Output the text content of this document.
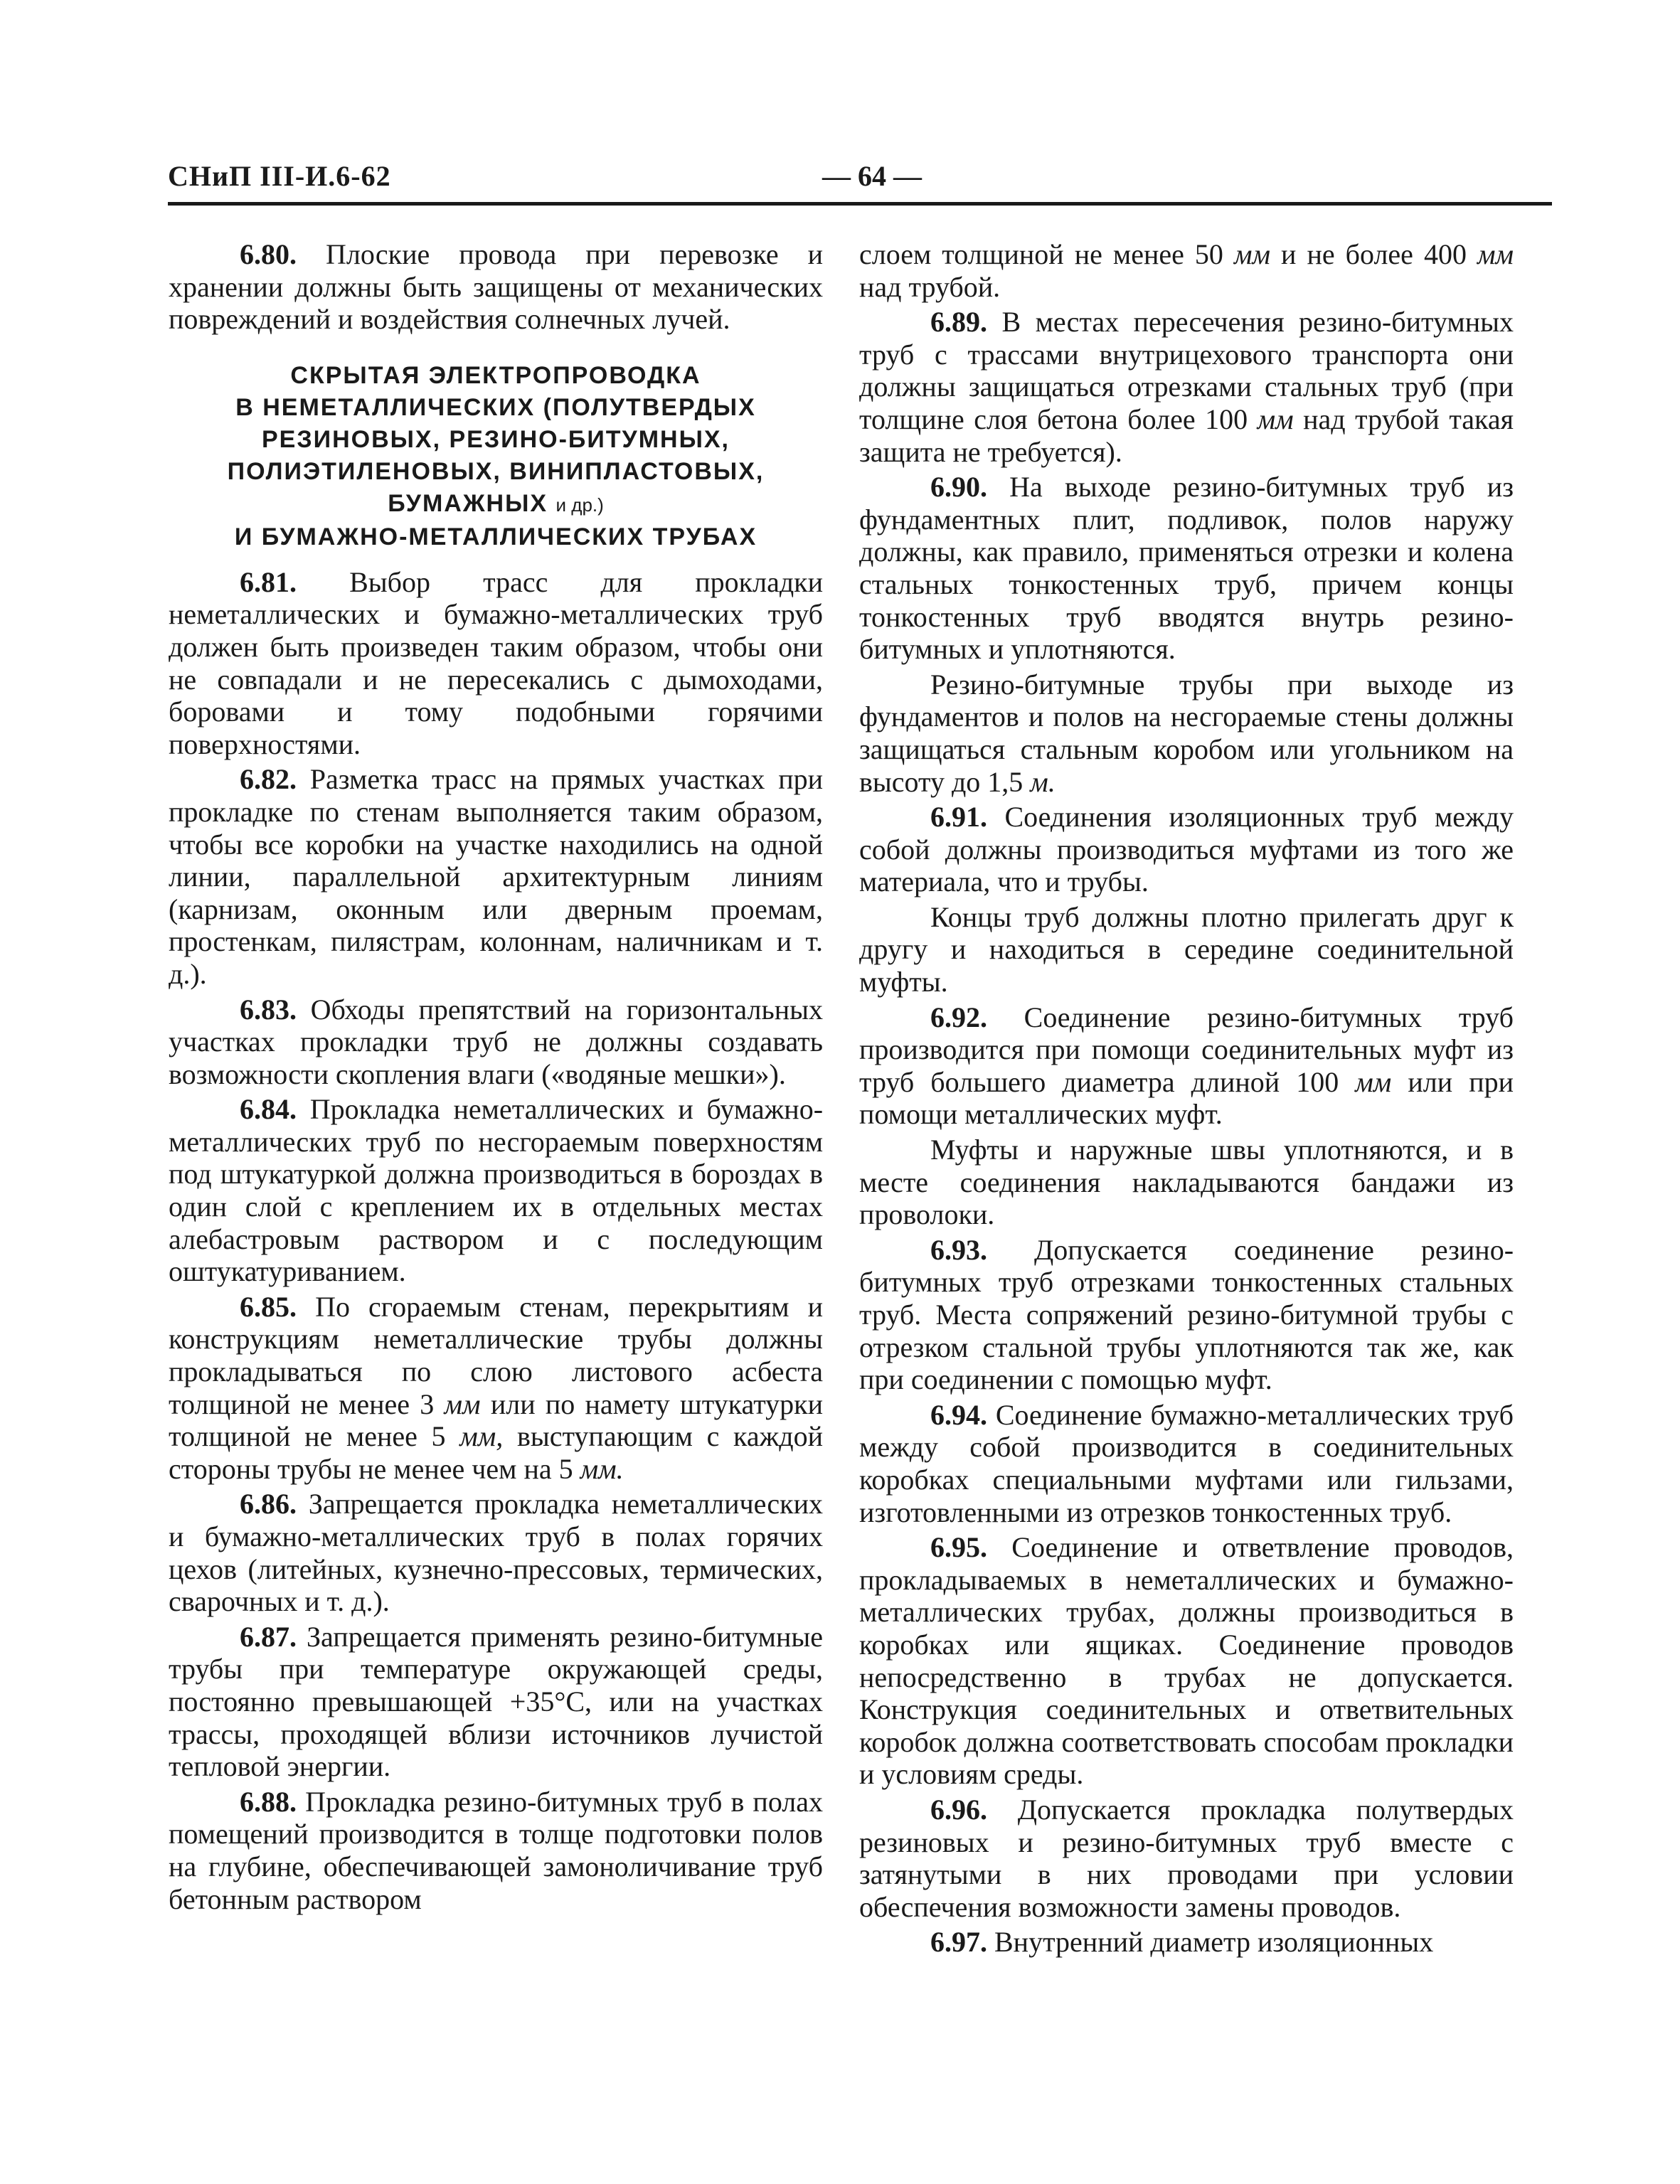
СНиП III-И.6-62	— 64 —

6.80. Плоские провода при перевозке и хранении должны быть защищены от механических повреждений и воздействия солнечных лучей.

СКРЫТАЯ ЭЛЕКТРОПРОВОДКА
В НЕМЕТАЛЛИЧЕСКИХ (ПОЛУТВЕРДЫХ
РЕЗИНОВЫХ, РЕЗИНО-БИТУМНЫХ,
ПОЛИЭТИЛЕНОВЫХ, ВИНИПЛАСТОВЫХ,
БУМАЖНЫХ и др.)
И БУМАЖНО-МЕТАЛЛИЧЕСКИХ ТРУБАХ

6.81. Выбор трасс для прокладки неметаллических и бумажно-металлических труб должен быть произведен таким образом, чтобы они не совпадали и не пересекались с дымоходами, боровами и тому подобными горячими поверхностями.

6.82. Разметка трасс на прямых участках при прокладке по стенам выполняется таким образом, чтобы все коробки на участке находились на одной линии, параллельной архитектурным линиям (карнизам, оконным или дверным проемам, простенкам, пилястрам, колоннам, наличникам и т. д.).

6.83. Обходы препятствий на горизонтальных участках прокладки труб не должны создавать возможности скопления влаги («водяные мешки»).

6.84. Прокладка неметаллических и бумажно-металлических труб по несгораемым поверхностям под штукатуркой должна производиться в бороздах в один слой с креплением их в отдельных местах алебастровым раствором и с последующим оштукатуриванием.

6.85. По сгораемым стенам, перекрытиям и конструкциям неметаллические трубы должны прокладываться по слою листового асбеста толщиной не менее 3 мм или по намету штукатурки толщиной не менее 5 мм, выступающим с каждой стороны трубы не менее чем на 5 мм.

6.86. Запрещается прокладка неметаллических и бумажно-металлических труб в полах горячих цехов (литейных, кузнечно-прессовых, термических, сварочных и т. д.).

6.87. Запрещается применять резино-битумные трубы при температуре окружающей среды, постоянно превышающей +35°С, или на участках трассы, проходящей вблизи источников лучистой тепловой энергии.

6.88. Прокладка резино-битумных труб в полах помещений производится в толще подготовки полов на глубине, обеспечивающей замоноличивание труб бетонным раствором

слоем толщиной не менее 50 мм и не более 400 мм над трубой.

6.89. В местах пересечения резино-битумных труб с трассами внутрицехового транспорта они должны защищаться отрезками стальных труб (при толщине слоя бетона более 100 мм над трубой такая защита не требуется).

6.90. На выходе резино-битумных труб из фундаментных плит, подливок, полов наружу должны, как правило, применяться отрезки и колена стальных тонкостенных труб, причем концы тонкостенных труб вводятся внутрь резино-битумных и уплотняются.

Резино-битумные трубы при выходе из фундаментов и полов на несгораемые стены должны защищаться стальным коробом или угольником на высоту до 1,5 м.

6.91. Соединения изоляционных труб между собой должны производиться муфтами из того же материала, что и трубы.

Концы труб должны плотно прилегать друг к другу и находиться в середине соединительной муфты.

6.92. Соединение резино-битумных труб производится при помощи соединительных муфт из труб большего диаметра длиной 100 мм или при помощи металлических муфт.

Муфты и наружные швы уплотняются, и в месте соединения накладываются бандажи из проволоки.

6.93. Допускается соединение резино-битумных труб отрезками тонкостенных стальных труб. Места сопряжений резино-битумной трубы с отрезком стальной трубы уплотняются так же, как при соединении с помощью муфт.

6.94. Соединение бумажно-металлических труб между собой производится в соединительных коробках специальными муфтами или гильзами, изготовленными из отрезков тонкостенных труб.

6.95. Соединение и ответвление проводов, прокладываемых в неметаллических и бумажно-металлических трубах, должны производиться в коробках или ящиках. Соединение проводов непосредственно в трубах не допускается. Конструкция соединительных и ответвительных коробок должна соответствовать способам прокладки и условиям среды.

6.96. Допускается прокладка полутвердых резиновых и резино-битумных труб вместе с затянутыми в них проводами при условии обеспечения возможности замены проводов.

6.97. Внутренний диаметр изоляционных
